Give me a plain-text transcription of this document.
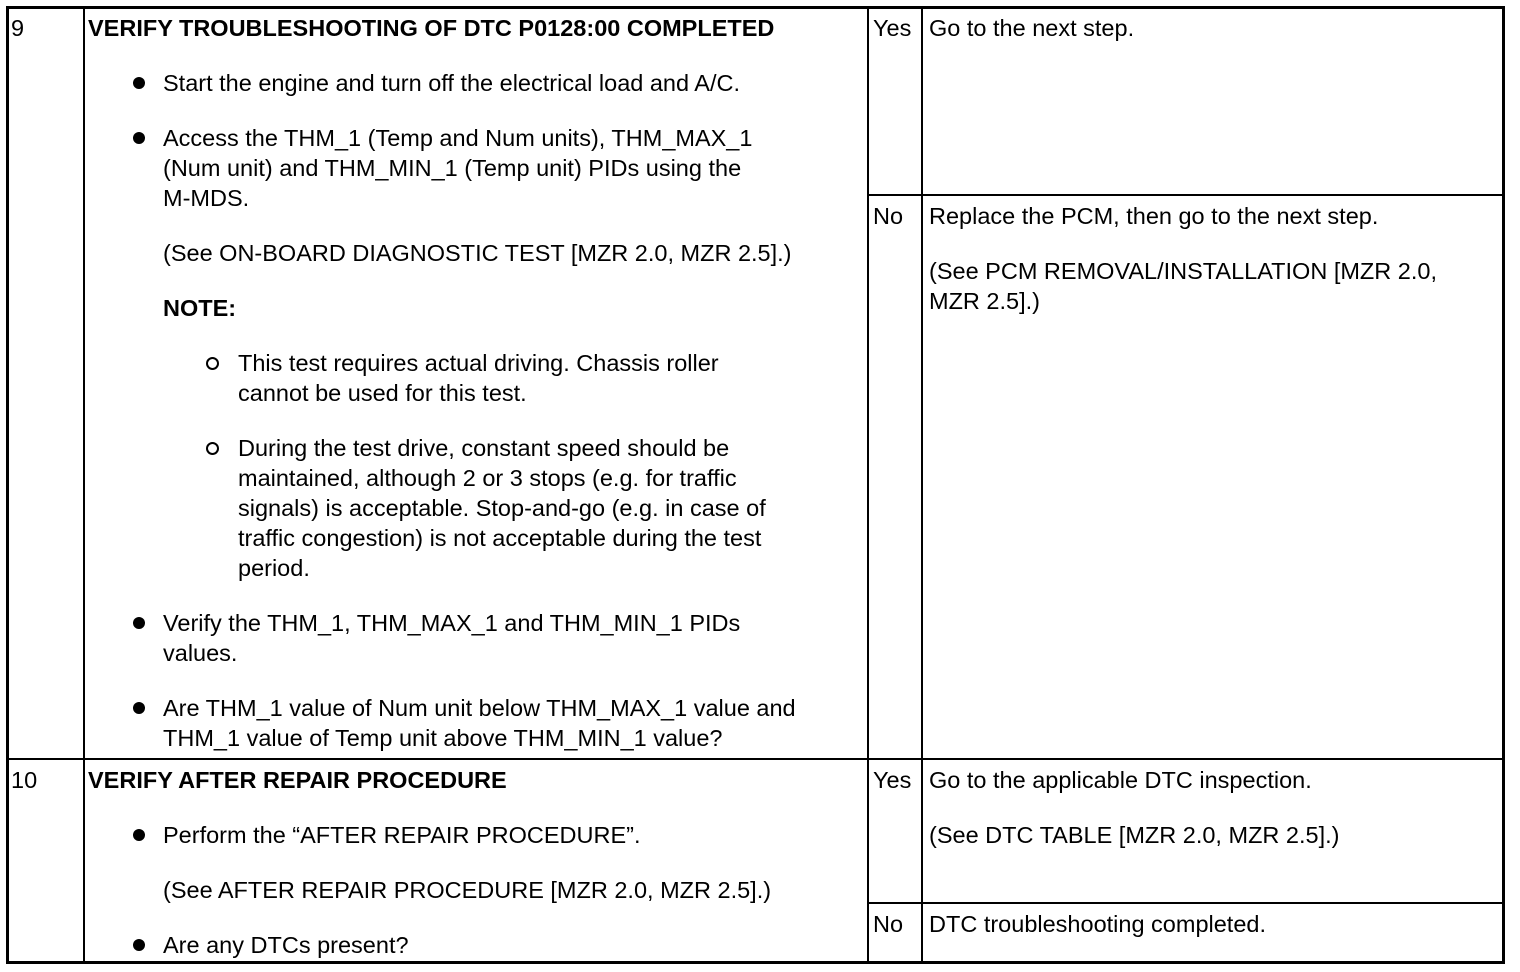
9	VERIFY TROUBLESHOOTING OF DTC P0128:00 COMPLETED
Start the engine and turn off the electrical load and A/C.
Access the THM_1 (Temp and Num units), THM_MAX_1
(Num unit) and THM_MIN_1 (Temp unit) PIDs using the
M-MDS.
(See ON-BOARD DIAGNOSTIC TEST [MZR 2.0, MZR 2.5].)
NOTE:
This test requires actual driving. Chassis roller
cannot be used for this test.
During the test drive, constant speed should be
maintained, although 2 or 3 stops (e.g. for traffic
signals) is acceptable. Stop-and-go (e.g. in case of
traffic congestion) is not acceptable during the test
period.
Verify the THM_1, THM_MAX_1 and THM_MIN_1 PIDs
values.
Are THM_1 value of Num unit below THM_MAX_1 value and
THM_1 value of Temp unit above THM_MIN_1 value?
Yes Go to the next step.
No Replace the PCM, then go to the next step.
(See PCM REMOVAL/INSTALLATION [MZR 2.0,
MZR 2.5].)
10 VERIFY AFTER REPAIR PROCEDURE
Perform the “AFTER REPAIR PROCEDURE”.
(See AFTER REPAIR PROCEDURE [MZR 2.0, MZR 2.5].)
Are any DTCs present?
Yes Go to the applicable DTC inspection.
(See DTC TABLE [MZR 2.0, MZR 2.5].)
No DTC troubleshooting completed.
